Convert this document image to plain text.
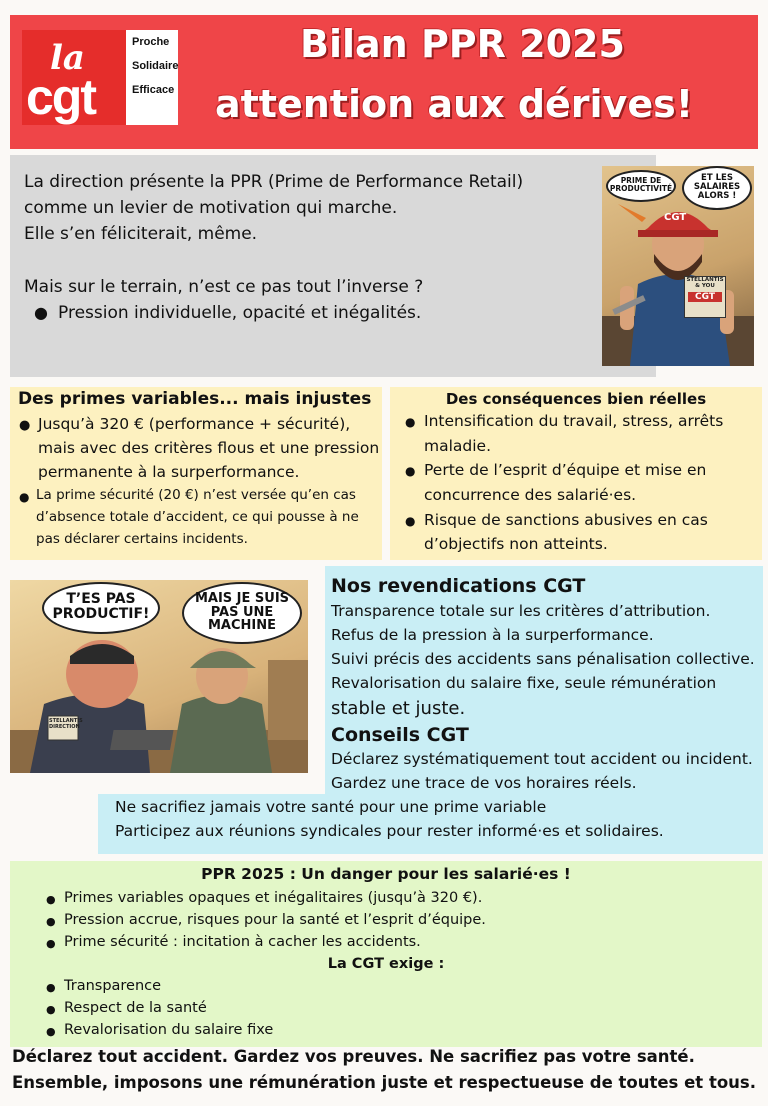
la
cgt
Proche
Solidaire
Efficace
Bilan PPR 2025
attention aux dérives!
La direction présente la PPR (Prime de Performance Retail)
comme un levier de motivation qui marche.
Elle s’en féliciterait, même.
Mais sur le terrain, n’est ce pas tout l’inverse ?
● Pression individuelle, opacité et inégalités.
PRIME DE PRODUCTIVITÉ
ET LES SALAIRES ALORS !
CGT
STELLANTIS
& YOU
CGT
Des primes variables... mais injustes
● Jusqu’à 320 € (performance + sécurité),
mais avec des critères flous et une pression
permanente à la surperformance.
● La prime sécurité (20 €) n’est versée qu’en cas
d’absence totale d’accident, ce qui pousse à ne
pas déclarer certains incidents.
Des conséquences bien réelles
● Intensification du travail, stress, arrêts
maladie.
● Perte de l’esprit d’équipe et mise en
concurrence des salarié·es.
● Risque de sanctions abusives en cas
d’objectifs non atteints.
T’ES PAS PRODUCTIF!
MAIS JE SUIS PAS UNE MACHINE
STELLANTIS DIRECTION
Nos revendications CGT
Transparence totale sur les critères d’attribution.
Refus de la pression à la surperformance.
Suivi précis des accidents sans pénalisation collective.
Revalorisation du salaire fixe, seule rémunération
stable et juste.
Conseils CGT
Déclarez systématiquement tout accident ou incident.
Gardez une trace de vos horaires réels.
Ne sacrifiez jamais votre santé pour une prime variable
Participez aux réunions syndicales pour rester informé·es et solidaires.
PPR 2025 : Un danger pour les salarié·es !
● Primes variables opaques et inégalitaires (jusqu’à 320 €).
● Pression accrue, risques pour la santé et l’esprit d’équipe.
● Prime sécurité : incitation à cacher les accidents.
La CGT exige :
● Transparence
● Respect de la santé
● Revalorisation du salaire fixe
Déclarez tout accident. Gardez vos preuves. Ne sacrifiez pas votre santé.
Ensemble, imposons une rémunération juste et respectueuse de toutes et tous.
